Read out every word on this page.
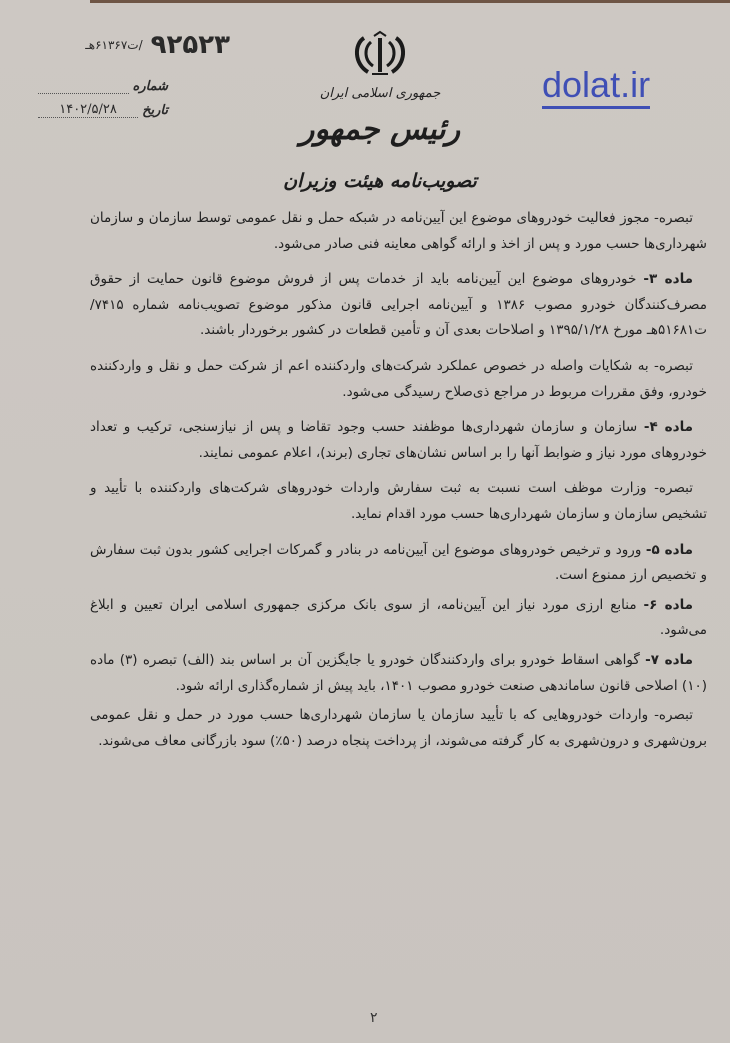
۹۲۵۲۳
/ت۶۱۳۶۷هـ
شماره
تاریخ
۱۴۰۲/۵/۲۸
جمهوری اسلامی ایران
رئیس جمهور
تصویب‌نامه هیئت وزیران
dolat.ir

تبصره- مجوز فعالیت خودروهای موضوع این آیین‌نامه در شبکه حمل و نقل عمومی توسط سازمان و سازمان شهرداری‌ها حسب مورد و پس از اخذ و ارائه گواهی معاینه فنی صادر می‌شود.

ماده ۳- خودروهای موضوع این آیین‌نامه باید از خدمات پس از فروش موضوع قانون حمایت از حقوق مصرف‌کنندگان خودرو مصوب ۱۳۸۶ و آیین‌نامه اجرایی قانون مذکور موضوع تصویب‌نامه شماره ۷۴۱۵/ت۵۱۶۸۱هـ مورخ ۱۳۹۵/۱/۲۸ و اصلاحات بعدی آن و تأمین قطعات در کشور برخوردار باشند.

تبصره- به شکایات واصله در خصوص عملکرد شرکت‌های واردکننده اعم از شرکت حمل و نقل و واردکننده خودرو، وفق مقررات مربوط در مراجع ذی‌صلاح رسیدگی می‌شود.

ماده ۴- سازمان و سازمان شهرداری‌ها موظفند حسب وجود تقاضا و پس از نیازسنجی، ترکیب و تعداد خودروهای مورد نیاز و ضوابط آنها را بر اساس نشان‌های تجاری (برند)، اعلام عمومی نمایند.

تبصره- وزارت موظف است نسبت به ثبت سفارش واردات خودروهای شرکت‌های واردکننده با تأیید و تشخیص سازمان و سازمان شهرداری‌ها حسب مورد اقدام نماید.

ماده ۵- ورود و ترخیص خودروهای موضوع این آیین‌نامه در بنادر و گمرکات اجرایی کشور بدون ثبت سفارش و تخصیص ارز ممنوع است.

ماده ۶- منابع ارزی مورد نیاز این آیین‌نامه، از سوی بانک مرکزی جمهوری اسلامی ایران تعیین و ابلاغ می‌شود.

ماده ۷- گواهی اسقاط خودرو برای واردکنندگان خودرو یا جایگزین آن بر اساس بند (الف) تبصره (۳) ماده (۱۰) اصلاحی قانون ساماندهی صنعت خودرو مصوب ۱۴۰۱، باید پیش از شماره‌گذاری ارائه شود.

تبصره- واردات خودروهایی که با تأیید سازمان یا سازمان شهرداری‌ها حسب مورد در حمل و نقل عمومی برون‌شهری و درون‌شهری به کار گرفته می‌شوند، از پرداخت پنجاه درصد (۵۰٪) سود بازرگانی معاف می‌شوند.

۲
